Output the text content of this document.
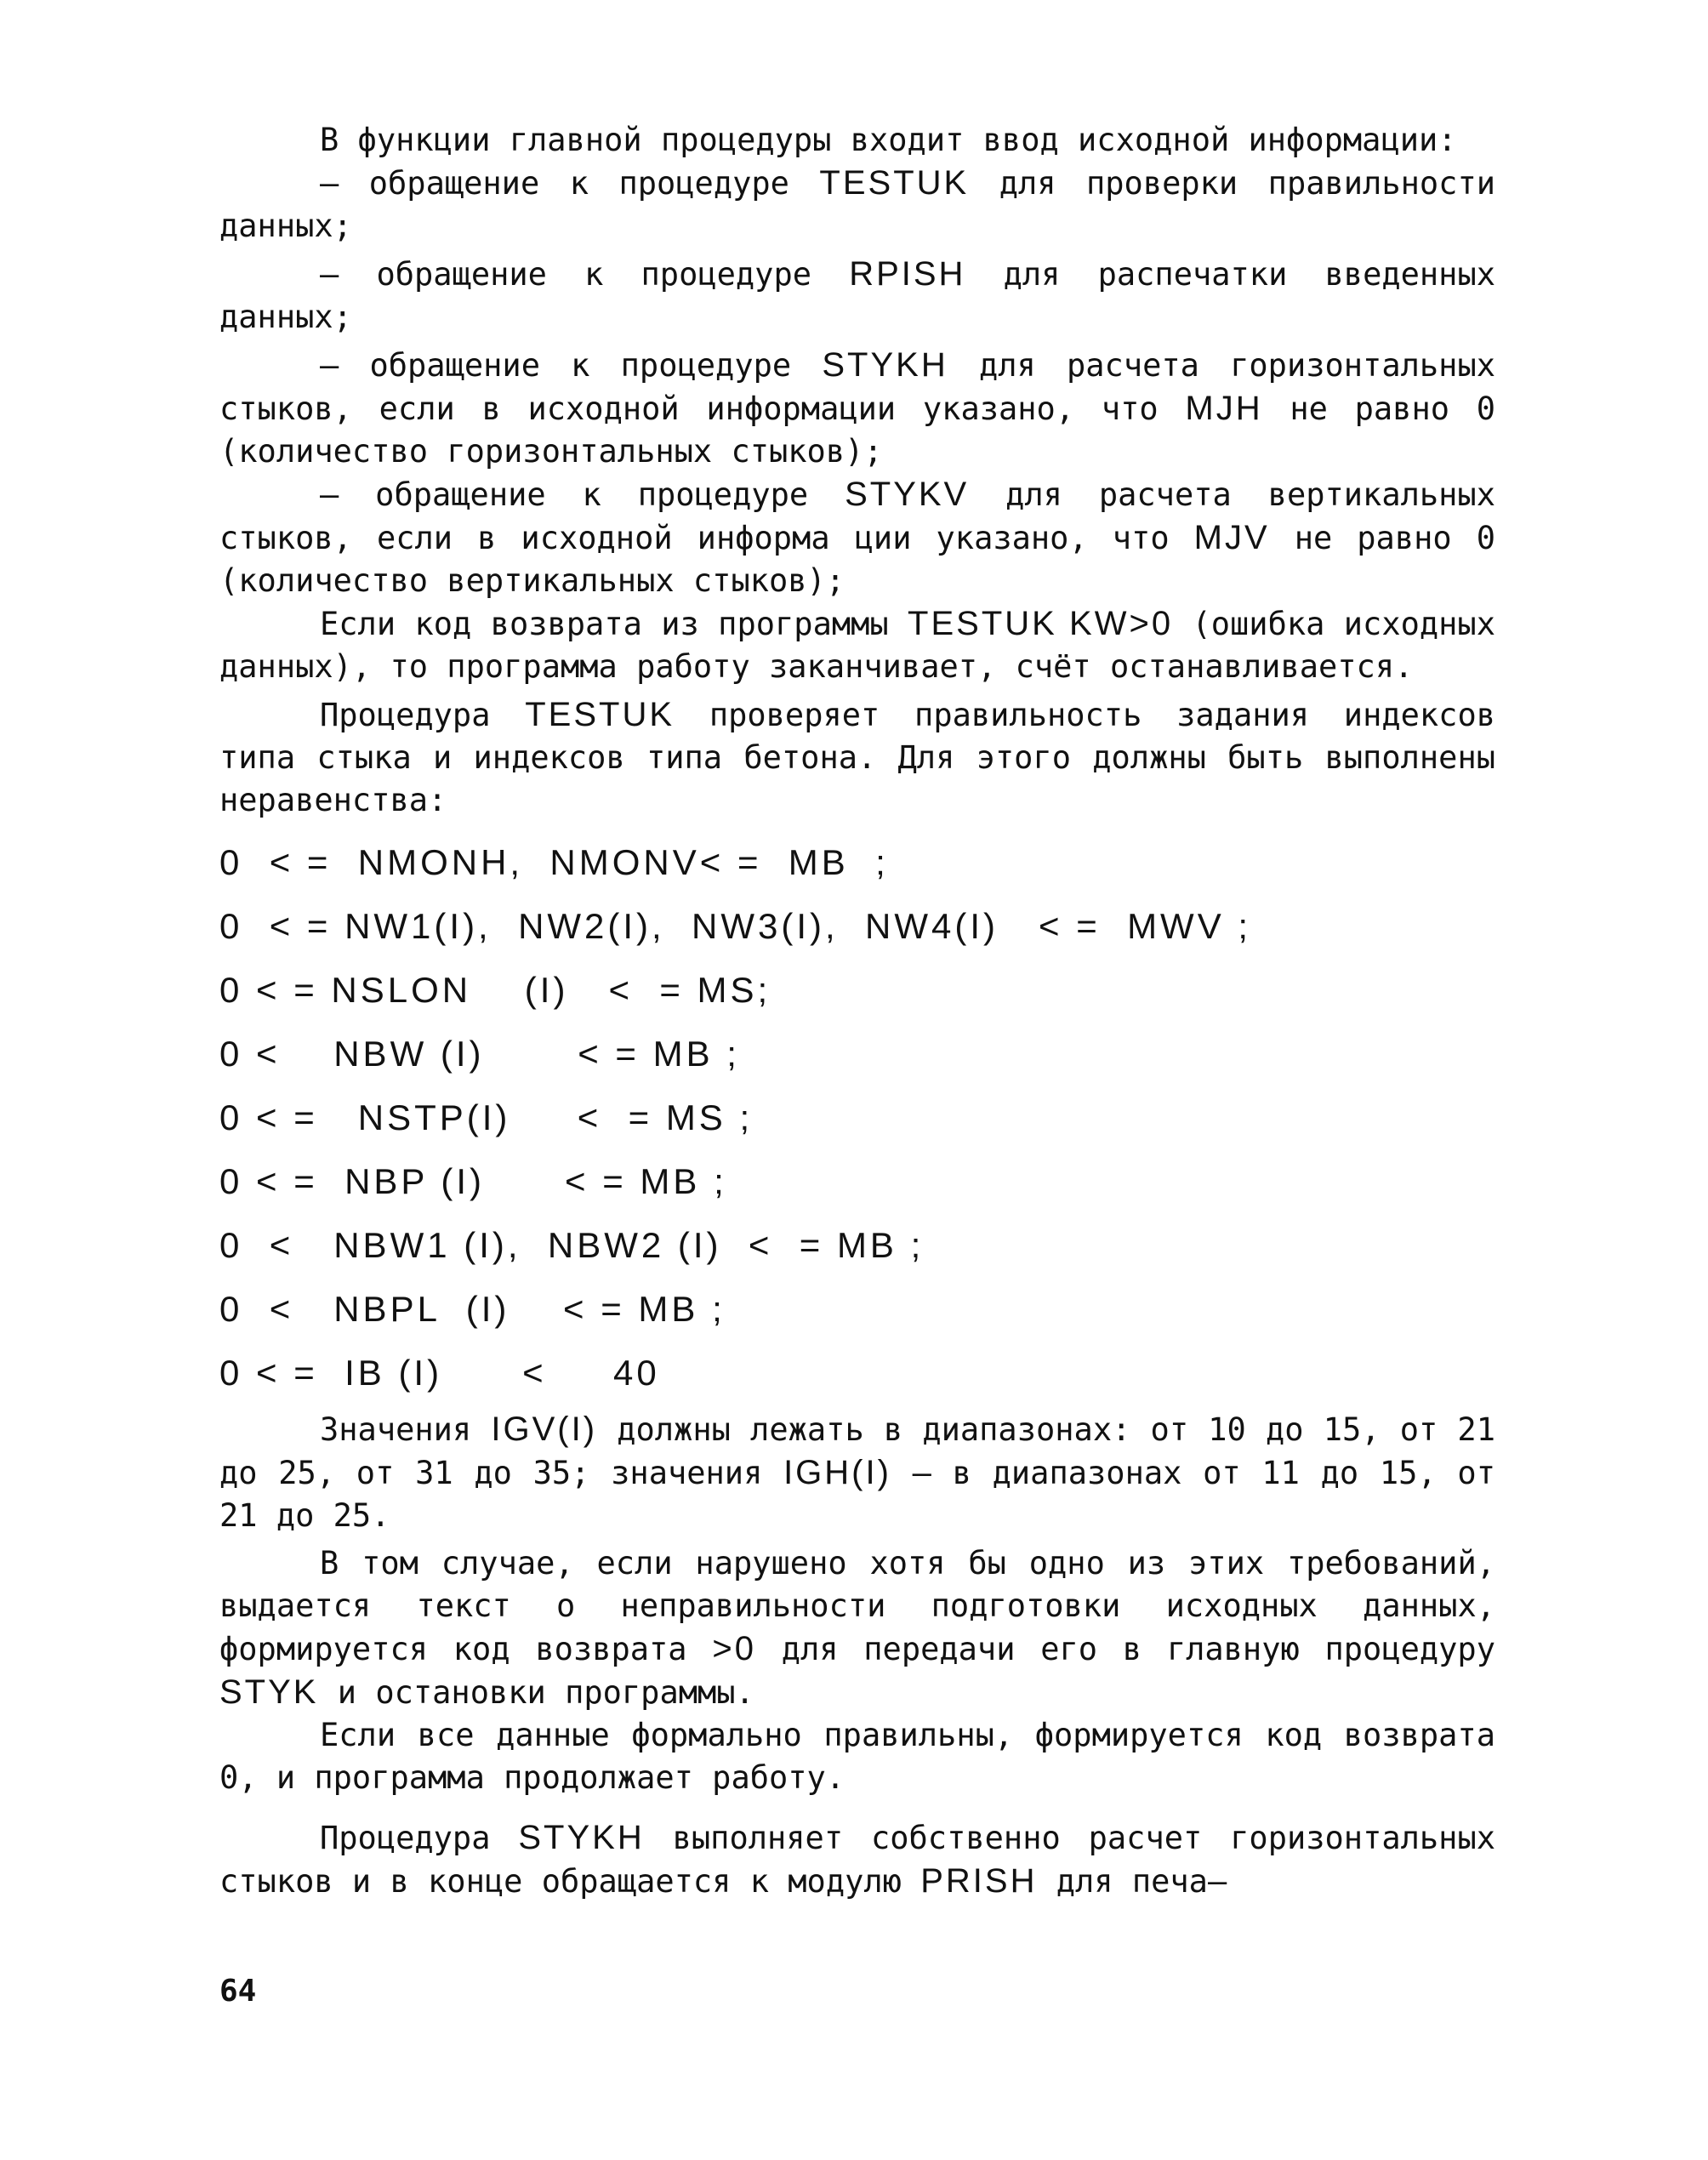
В функции главной процедуры входит ввод исходной информации:

– обращение к процедуре TESTUK для проверки правильности данных;

– обращение к процедуре RPISH для распечатки введенных данных;

– обращение к процедуре STYKH для расчета горизонтальных стыков, если в исходной информации указано, что MJH не равно 0 (количество горизонтальных стыков);

– обращение к процедуре STYKV для расчета вертикальных стыков, если в исходной информа ции указано, что MJV не равно 0 (количество вертикальных стыков);

Если код возврата из программы TESTUK KW>0 (ошибка исходных данных), то программа работу заканчивает, счёт останавливается.

Процедура TESTUK проверяет правильность задания индексов типа стыка и индексов типа бетона. Для этого должны быть выполнены неравенства:

0  < =  NMONH,  NMONV< =  MB  ;

0  < = NW1(I),  NW2(I),  NW3(I),  NW4(I)   < =  MWV ;

0 < = NSLON    (I)   <  = MS;

0 <    NBW (I)       < = MB ;

0 < =   NSTP(I)     <  = MS ;

0 < =  NBP (I)      < = MB ;

0  <   NBW1 (I),  NBW2 (I)  <  = MB ;

0  <   NBPL  (I)    < = MB ;

0 < =  IB (I)      <     40

Значения IGV(I) должны лежать в диапазонах: от 10 до 15, от 21 до 25, от 31 до 35; значения IGH(I) – в диапазонах от 11 до 15, от 21 до 25.

В том случае, если нарушено хотя бы одно из этих требований, выдается текст о неправильности подготовки исходных данных, формируется код возврата >0 для передачи его в главную процедуру STYK и остановки программы.

Если все данные формально правильны, формируется код возврата 0, и программа продолжает работу.

Процедура STYKH выполняет собственно расчет горизонтальных стыков и в конце обращается к модулю PRISH для печа–

64
